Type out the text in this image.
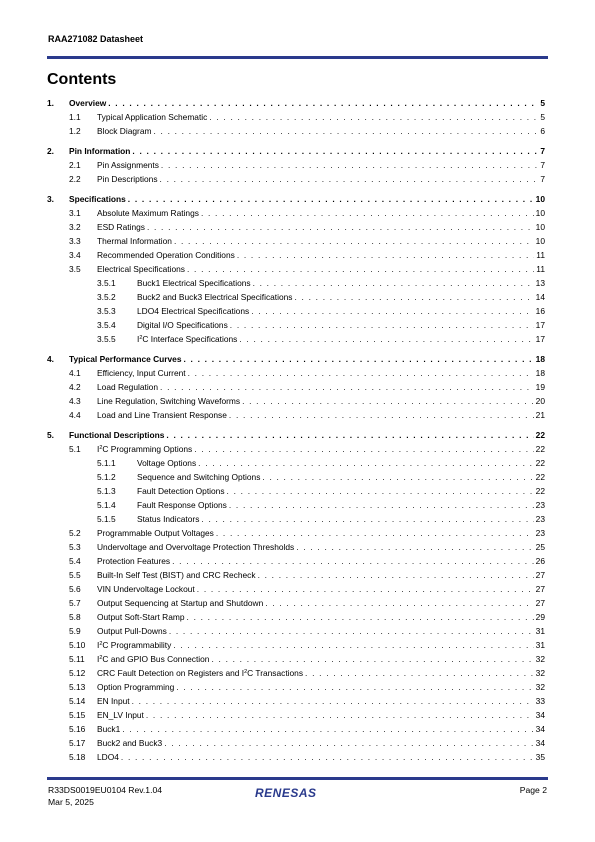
RAA271082 Datasheet
Contents
1.	Overview . . .	5
1.1	Typical Application Schematic . . .	5
1.2	Block Diagram . . .	6
2.	Pin Information . . .	7
2.1	Pin Assignments . . .	7
2.2	Pin Descriptions . . .	7
3.	Specifications . . .	10
3.1	Absolute Maximum Ratings . . .	10
3.2	ESD Ratings . . .	10
3.3	Thermal Information . . .	10
3.4	Recommended Operation Conditions . . .	11
3.5	Electrical Specifications . . .	11
3.5.1	Buck1 Electrical Specifications . . .	13
3.5.2	Buck2 and Buck3 Electrical Specifications . . .	14
3.5.3	LDO4 Electrical Specifications . . .	16
3.5.4	Digital I/O Specifications . . .	17
3.5.5	$I^2C$ Interface Specifications . . .	17
4.	Typical Performance Curves . . .	18
4.1	Efficiency, Input Current . . .	18
4.2	Load Regulation . . .	19
4.3	Line Regulation, Switching Waveforms . . .	20
4.4	Load and Line Transient Response . . .	21
5.	Functional Descriptions . . .	22
5.1	$I^2C$ Programming Options . . .	22
5.1.1	Voltage Options . . .	22
5.1.2	Sequence and Switching Options . . .	22
5.1.3	Fault Detection Options . . .	22
5.1.4	Fault Response Options . . .	23
5.1.5	Status Indicators . . .	23
5.2	Programmable Output Voltages . . .	23
5.3	Undervoltage and Overvoltage Protection Thresholds . . .	25
5.4	Protection Features . . .	26
5.5	Built-In Self Test (BIST) and CRC Recheck . . .	27
5.6	VIN Undervoltage Lockout . . .	27
5.7	Output Sequencing at Startup and Shutdown . . .	27
5.8	Output Soft-Start Ramp . . .	29
5.9	Output Pull-Downs . . .	31
5.10	$I^2C$ Programmability . . .	31
5.11	$I^2C$ and GPIO Bus Connection . . .	32
5.12	CRC Fault Detection on Registers and $I^2C$ Transactions . . .	32
5.13	Option Programming . . .	32
5.14	EN Input . . .	33
5.15	EN_LV Input . . .	34
5.16	Buck1 . . .	34
5.17	Buck2 and Buck3 . . .	34
5.18	LDO4 . . .	35
R33DS0019EU0104 Rev.1.04
Mar 5, 2025
RENESAS	Page 2
